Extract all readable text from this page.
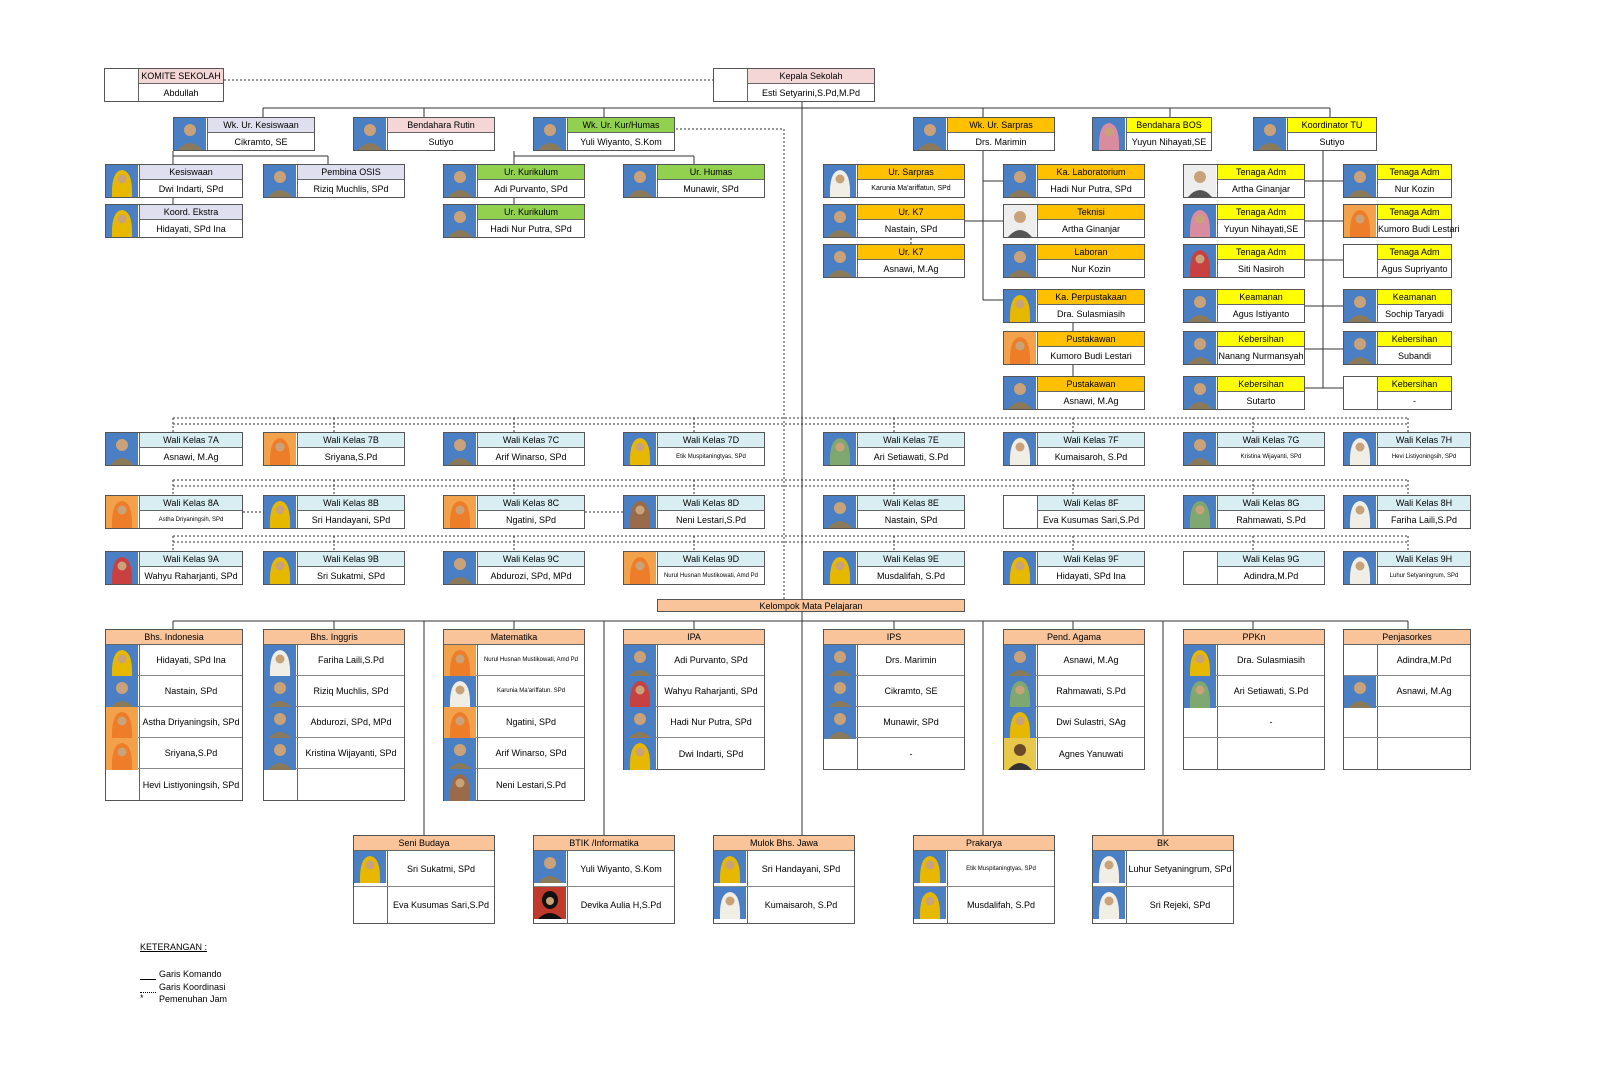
KOMITE SEKOLAH
Abdullah
Kepala Sekolah
Esti Setyarini,S.Pd,M.Pd
Kelompok Mata Pelajaran
KETERANGAN :
Garis Komando
Garis Koordinasi
* Pemenuhan Jam
Wk. Ur. Kesiswaan
Cikramto, SE
Bendahara Rutin
Sutiyo
Wk. Ur. Kur/Humas
Yuli Wiyanto, S.Kom
Wk. Ur. Sarpras
Drs. Marimin
Bendahara BOS
Yuyun Nihayati,SE
Koordinator TU
Sutiyo
Kesiswaan
Dwi Indarti, SPd
Pembina OSIS
Riziq Muchlis, SPd
Koord. Ekstra
Hidayati, SPd Ina
Ur. Kurikulum
Adi Purvanto, SPd
Ur. Kurikulum
Hadi Nur Putra, SPd
Ur. Humas
Munawir, SPd
Ur. Sarpras
Karunia Ma'ariffatun, SPd
Ur. K7
Nastain, SPd
Ur. K7
Asnawi, M.Ag
Ka. Laboratorium
Hadi Nur Putra, SPd
Teknisi
Artha Ginanjar
Laboran
Nur Kozin
Ka. Perpustakaan
Dra. Sulasmiasih
Pustakawan
Kumoro Budi Lestari
Pustakawan
Asnawi, M.Ag
Tenaga Adm
Artha Ginanjar
Tenaga Adm
Yuyun Nihayati,SE
Tenaga Adm
Siti Nasiroh
Keamanan
Agus Istiyanto
Kebersihan
Nanang Nurmansyah
Kebersihan
Sutarto
Tenaga Adm
Nur Kozin
Tenaga Adm
Kumoro Budi Lestari
Tenaga Adm
Agus Supriyanto
Keamanan
Sochip Taryadi
Kebersihan
Subandi
Kebersihan
-
Wali Kelas 7A
Asnawi, M.Ag
Wali Kelas 7B
Sriyana,S.Pd
Wali Kelas 7C
Arif Winarso, SPd
Wali Kelas 7D
Etik Muspitaningtyas, SPd
Wali Kelas 7E
Ari Setiawati, S.Pd
Wali Kelas 7F
Kumaisaroh, S.Pd
Wali Kelas 7G
Kristina Wijayanti, SPd
Wali Kelas 7H
Hevi Listiyoningsih, SPd
Wali Kelas 8A
Astha Driyaningsih, SPd
Wali Kelas 8B
Sri Handayani, SPd
Wali Kelas 8C
Ngatini, SPd
Wali Kelas 8D
Neni Lestari,S.Pd
Wali Kelas 8E
Nastain, SPd
Wali Kelas 8F
Eva Kusumas Sari,S.Pd
Wali Kelas 8G
Rahmawati, S.Pd
Wali Kelas 8H
Fariha Laili,S.Pd
Wali Kelas 9A
Wahyu Raharjanti, SPd
Wali Kelas 9B
Sri Sukatmi, SPd
Wali Kelas 9C
Abdurozi, SPd, MPd
Wali Kelas 9D
Nurul Husnan Mustikowati, Amd Pd
Wali Kelas 9E
Musdalifah, S.Pd
Wali Kelas 9F
Hidayati, SPd Ina
Wali Kelas 9G
Adindra,M.Pd
Wali Kelas 9H
Luhur Setyaningrum, SPd
Bhs. Indonesia
Hidayati, SPd Ina
Nastain, SPd
Astha Driyaningsih, SPd
Sriyana,S.Pd
Hevi Listiyoningsih, SPd
Bhs. Inggris
Fariha Laili,S.Pd
Riziq Muchlis, SPd
Abdurozi, SPd, MPd
Kristina Wijayanti, SPd
Matematika
Nurul Husnan Mustikowati, Amd Pd
Karunia Ma'ariffatun. SPd
Ngatini, SPd
Arif Winarso, SPd
Neni Lestari,S.Pd
IPA
Adi Purvanto, SPd
Wahyu Raharjanti, SPd
Hadi Nur Putra, SPd
Dwi Indarti, SPd
IPS
Drs. Marimin
Cikramto, SE
Munawir, SPd
-
Pend. Agama
Asnawi, M.Ag
Rahmawati, S.Pd
Dwi Sulastri, SAg
Agnes Yanuwati
PPKn
Dra. Sulasmiasih
Ari Setiawati, S.Pd
-
Penjasorkes
Adindra,M.Pd
Asnawi, M.Ag
Seni Budaya
Sri Sukatmi, SPd
Eva Kusumas Sari,S.Pd
BTIK /Informatika
Yuli Wiyanto, S.Kom
Devika Aulia H,S.Pd
Mulok Bhs. Jawa
Sri Handayani, SPd
Kumaisaroh, S.Pd
Prakarya
Etik Muspitaningtyas, SPd
Musdalifah, S.Pd
BK
Luhur Setyaningrum, SPd
Sri Rejeki, SPd
